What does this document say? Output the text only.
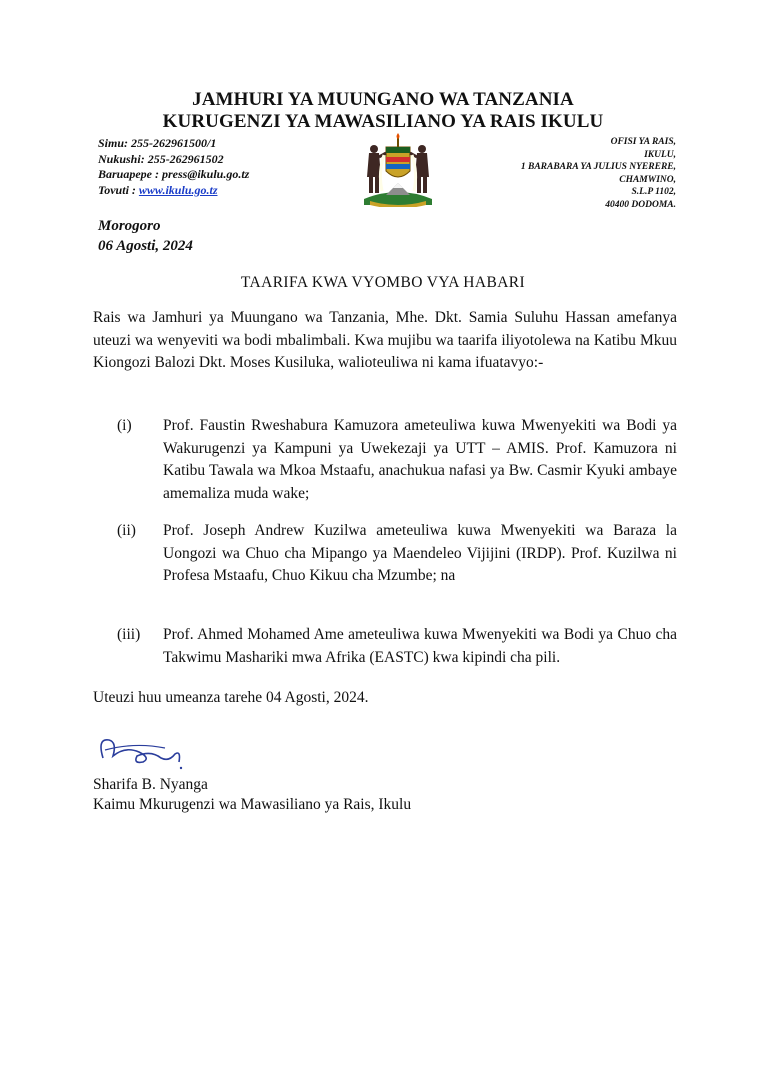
JAMHURI YA MUUNGANO WA TANZANIA
KURUGENZI YA MAWASILIANO YA RAIS IKULU
Simu: 255-262961500/1
Nukushi: 255-262961502
Baruapepe : press@ikulu.go.tz
Tovuti : www.ikulu.go.tz
OFISI YA RAIS,
IKULU,
1 BARABARA YA JULIUS NYERERE,
CHAMWINO,
S.L.P 1102,
40400 DODOMA.
Morogoro
06 Agosti, 2024
TAARIFA KWA VYOMBO VYA HABARI
Rais wa Jamhuri ya Muungano wa Tanzania, Mhe. Dkt. Samia Suluhu Hassan amefanya uteuzi wa wenyeviti wa bodi mbalimbali. Kwa mujibu wa taarifa iliyotolewa na Katibu Mkuu Kiongozi Balozi Dkt. Moses Kusiluka, walioteuliwa ni kama ifuatavyo:-
(i)	Prof. Faustin Rweshabura Kamuzora ameteuliwa kuwa Mwenyekiti wa Bodi ya Wakurugenzi ya Kampuni ya Uwekezaji ya UTT – AMIS. Prof. Kamuzora ni Katibu Tawala wa Mkoa Mstaafu, anachukua nafasi ya Bw. Casmir Kyuki ambaye amemaliza muda wake;
(ii)	Prof. Joseph Andrew Kuzilwa ameteuliwa kuwa Mwenyekiti wa Baraza la Uongozi wa Chuo cha Mipango ya Maendeleo Vijijini (IRDP). Prof. Kuzilwa ni Profesa Mstaafu, Chuo Kikuu cha Mzumbe; na
(iii)	Prof. Ahmed Mohamed Ame ameteuliwa kuwa Mwenyekiti wa Bodi ya Chuo cha Takwimu Mashariki mwa Afrika (EASTC) kwa kipindi cha pili.
Uteuzi huu umeanza tarehe 04 Agosti, 2024.
Sharifa B. Nyanga
Kaimu Mkurugenzi wa Mawasiliano ya Rais, Ikulu
